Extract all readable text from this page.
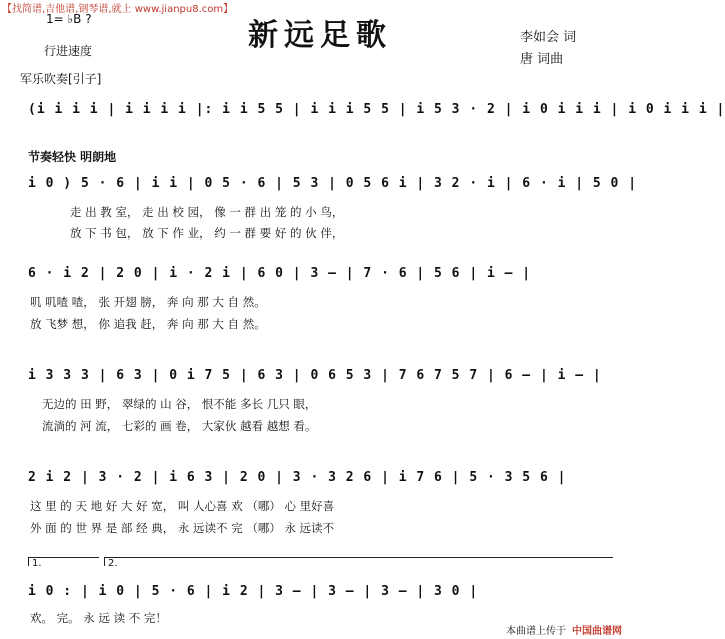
【找简谱,吉他谱,钢琴谱,就上 www.jianpu8.com】
1= ♭B ?	新远足歌
行进速度
李如会 词
唐 词曲
军乐吹奏[引子]
(i i i i | i i i i |: i i 5 5 | i i i 5 5 | i 5 3 · 2 | i 0 i i i | i 0 i i i |
节奏轻快 明朗地
i 0 ) 5 · 6 | i i | 0 5 · 6 | 5 3 | 0 5 6 i | 3 2 · i | 6 · i | 5 0 |
走 出 教 室， 走 出 校 园， 像 一 群 出 笼 的 小 鸟，
放 下 书 包， 放 下 作 业， 约 一 群 要 好 的 伙 伴，
6 · i 2 | 2 0 | i · 2 i | 6 0 | 3 – | 7 · 6 | 5 6 | i – |
叽 叽喳 喳， 张 开翅 膀， 奔 向 那 大 自 然。
放 飞梦 想， 你 追我 赶， 奔 向 那 大 自 然。
i 3 3 3 | 6 3 | 0 i 7 5 | 6 3 | 0 6 5 3 | 7 6 7 5 7 | 6 – | i – |
无边的 田 野， 翠绿的 山 谷， 恨不能 多长 几只 眼，
流淌的 河 流， 七彩的 画 卷， 大家伙 越看 越想 看。
2 i 2 | 3 · 2 | i 6 3 | 2 0 | 3 · 3 2 6 | i 7 6 | 5 · 3 5 6 |
这 里 的 天 地 好 大 好 宽， 叫 人心喜 欢 （哪） 心 里好喜
外 面 的 世 界 是 部 经 典， 永 远读不 完 （哪） 永 远读不
1.	2.
i 0 : | i 0 | 5 · 6 | i 2 | 3 – | 3 – | 3 – | 3 0 |
欢。 完。 永 远 读 不 完！
本曲谱上传于 中国曲谱网
